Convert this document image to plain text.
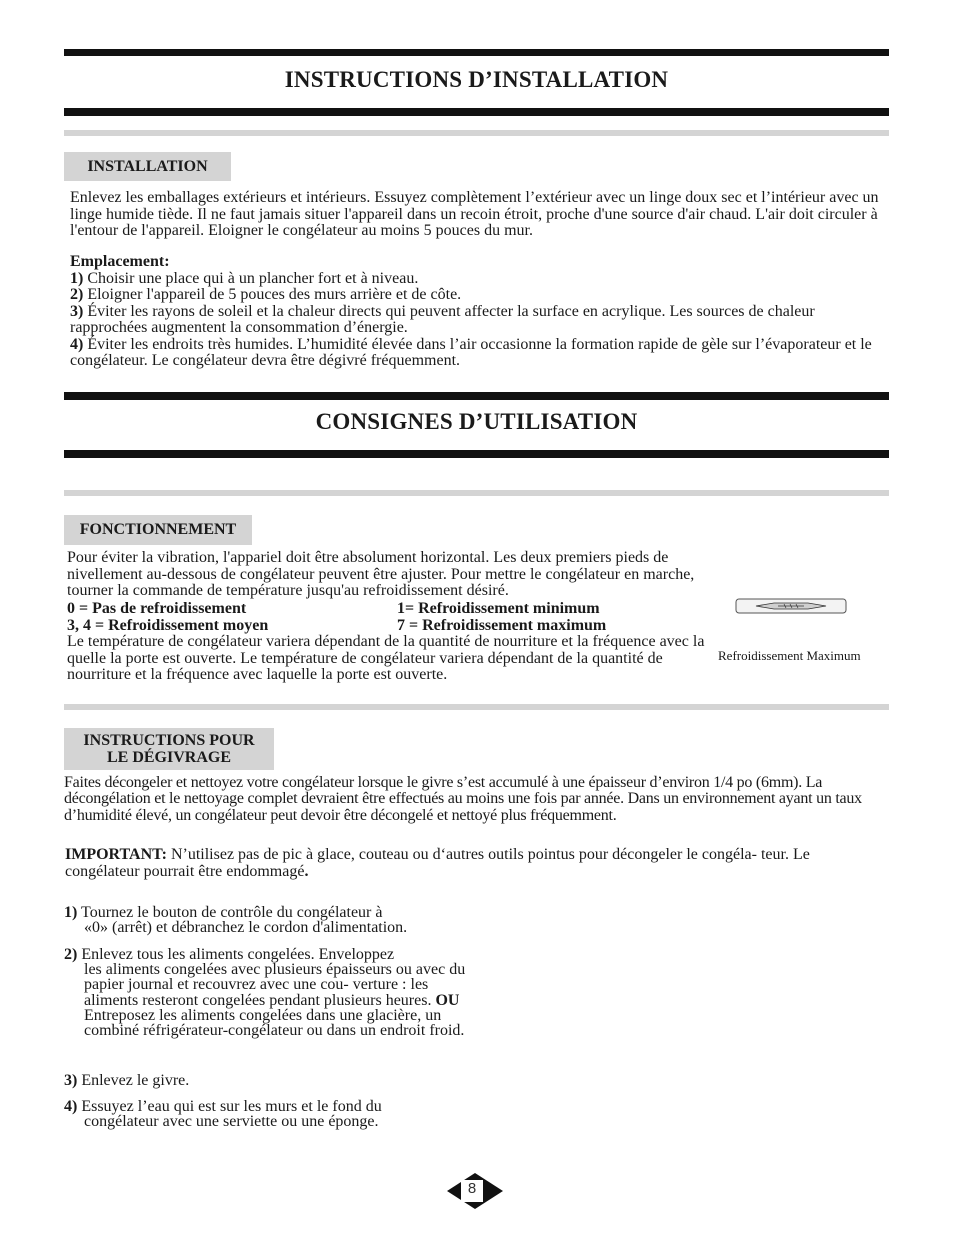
INSTRUCTIONS D’INSTALLATION
INSTALLATION

Enlevez les emballages extérieurs et intérieurs. Essuyez complètement l’extérieur avec un linge doux sec et l’intérieur avec un linge humide tiède. Il ne faut jamais situer l'appareil dans un recoin étroit, proche d'une source d'air chaud. L'air doit circuler à l'entour de l'appareil. Eloigner le congélateur au moins 5 pouces du mur.

Emplacement:
1) Choisir une place qui à un plancher fort et à niveau.
2) Eloigner l'appareil de 5 pouces des murs arrière et de côte.
3) Éviter les rayons de soleil et la chaleur directs qui peuvent affecter la surface en acrylique. Les sources de chaleur rapprochées augmentent la consommation d’énergie.
4) Éviter les endroits très humides. L’humidité élevée dans l’air occasionne la formation rapide de gèle sur l’évaporateur et le congélateur. Le congélateur devra être dégivré fréquemment.
CONSIGNES D’UTILISATION
FONCTIONNEMENT

Pour éviter la vibration, l'appariel doit être absolument horizontal. Les deux premiers pieds de nivellement au-dessous de congélateur peuvent être ajuster. Pour mettre le congélateur en marche, tourner la commande de température jusqu'au refroidissement désiré.

0 = Pas de refroidissement	1= Refroidissement minimum
3, 4 = Refroidissement moyen	7 = Refroidissement maximum

Le température de congélateur variera dépendant de la quantité de nourriture et la fréquence avec la quelle la porte est ouverte. Le température de congélateur variera dépendant de la quantité de nourriture et la fréquence avec laquelle la porte est ouverte.

Refroidissement Maximum
INSTRUCTIONS POUR
LE DÉGIVRAGE

Faites décongeler et nettoyez votre congélateur lorsque le givre s’est accumulé à une épaisseur d’environ 1/4 po (6mm). La décongélation et le nettoyage complet devraient être effectués au moins une fois par année. Dans un environnement ayant un taux d’humidité élevé, un congélateur peut devoir être décongelé et nettoyé plus fréquemment.

IMPORTANT: N’utilisez pas de pic à glace, couteau ou d‘autres outils pointus pour décongeler le congéla- teur. Le congélateur pourrait être endommagé.
1) Tournez le bouton de contrôle du congélateur à
«0» (arrêt) et débranchez le cordon d'alimentation.
2) Enlevez tous les aliments congelées. Enveloppez
les aliments congelées avec plusieurs épaisseurs ou avec du papier journal et recouvrez avec une cou- verture : les aliments resteront congelées pendant plusieurs heures. OU Entreposez les aliments congelées dans une glacière, un combiné réfrigérateur-congélateur ou dans un endroit froid.
3) Enlevez le givre.
4) Essuyez l’eau qui est sur les murs et le fond du
congélateur avec une serviette ou une éponge.
8
